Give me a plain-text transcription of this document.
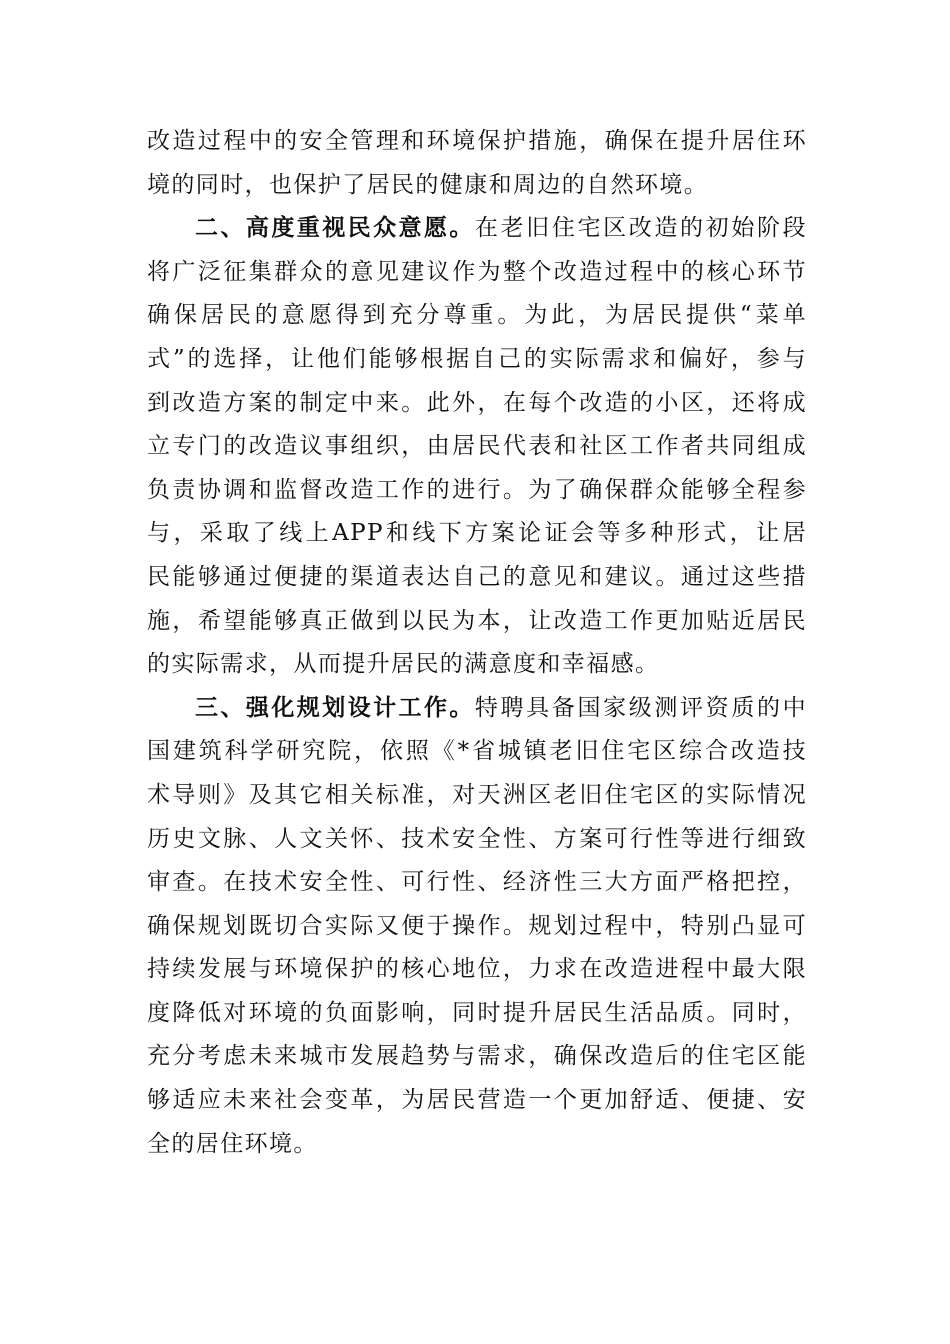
改造过程中的安全管理和环境保护措施，确保在提升居住环
境的同时，也保护了居民的健康和周边的自然环境。
二、高度重视民众意愿。在老旧住宅区改造的初始阶段
将广泛征集群众的意见建议作为整个改造过程中的核心环节
确保居民的意愿得到充分尊重。为此，为居民提供“菜单
式”的选择，让他们能够根据自己的实际需求和偏好，参与
到改造方案的制定中来。此外，在每个改造的小区，还将成
立专门的改造议事组织，由居民代表和社区工作者共同组成
负责协调和监督改造工作的进行。为了确保群众能够全程参
与，采取了线上APP和线下方案论证会等多种形式，让居
民能够通过便捷的渠道表达自己的意见和建议。通过这些措
施，希望能够真正做到以民为本，让改造工作更加贴近居民
的实际需求，从而提升居民的满意度和幸福感。
三、强化规划设计工作。特聘具备国家级测评资质的中
国建筑科学研究院，依照《*省城镇老旧住宅区综合改造技
术导则》及其它相关标准，对天洲区老旧住宅区的实际情况
历史文脉、人文关怀、技术安全性、方案可行性等进行细致
审查。在技术安全性、可行性、经济性三大方面严格把控，
确保规划既切合实际又便于操作。规划过程中，特别凸显可
持续发展与环境保护的核心地位，力求在改造进程中最大限
度降低对环境的负面影响，同时提升居民生活品质。同时，
充分考虑未来城市发展趋势与需求，确保改造后的住宅区能
够适应未来社会变革，为居民营造一个更加舒适、便捷、安
全的居住环境。
